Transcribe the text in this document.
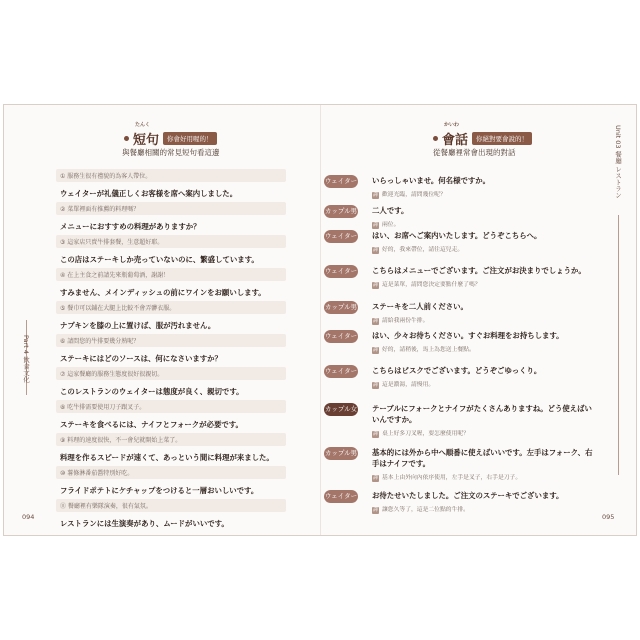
たんく
短句	你會好用喔的！
與餐廳相關的常見短句看這邊
Part 4 飲食文化
094
① 服務生很有禮貌的為客人帶位。
ウェイターが礼儀正しくお客様を席へ案内しました。
② 菜單裡面有推薦的料理嗎？
メニューにおすすめの料理がありますか？
③ 這家店只賣牛排套餐，生意超好耶。
この店はステーキしか売っていないのに、繁盛しています。
④ 在上主食之前請先來瓶葡萄酒，謝謝！
すみません、メインディッシュの前にワインをお願いします。
⑤ 餐巾可以鋪在大腿上比較不會弄髒衣服。
ナプキンを膝の上に置けば、服が汚れません。
⑥ 請問您的牛排要幾分熟呢？
ステーキにはどのソースは、何になさいますか？
⑦ 這家餐廳的服務生態度很好很親切。
このレストランのウェイターは態度が良く、親切です。
⑧ 吃牛排需要使用刀子跟叉子。
ステーキを食べるには、ナイフとフォークが必要です。
⑨ 料理的速度很快，不一會兒就開始上菜了。
料理を作るスピードが速くて、あっという間に料理が来ました。
⑩ 薯條淋番茄醬特別好吃。
フライドポテトにケチャップをつけると一層おいしいです。
⑪ 餐廳裡有樂隊演奏，很有氣氛。
レストランには生演奏があり、ムードがいいです。
かいわ
會話	你絕對要會說的！
從餐廳裡常會出現的對話	Unit 03 餐廳 レストラン
095
ウェイター いらっしゃいませ。何名様ですか。
譯 歡迎光臨，請問幾位呢？
カップル男 二人です。
譯 兩位。
ウェイター はい、お席へご案内いたします。どうぞこちらへ。
譯 好的，我來帶位，請往這兒走。
ウェイター こちらはメニューでございます。ご注文がお決まりでしょうか。
譯 這是菜單，請問您決定要點什麼了嗎？
カップル男 ステーキを二人前ください。
譯 請給我兩份牛排。
ウェイター はい、少々お待ちください。すぐお料理をお持ちします。
譯 好的，請稍後，馬上為您送上餐點。
ウェイター こちらはビスクでございます。どうぞごゆっくり。
譯 這是濃湯，請慢用。
カップル女 テーブルにフォークとナイフがたくさんありますね。どう使えばいいんですか。
譯 桌上好多刀叉喔，要怎麼使用呢？
カップル男 基本的には外から中へ順番に使えばいいです。左手はフォーク、右手はナイフです。
譯 基本上由外向內依序使用，左手是叉子，右手是刀子。
ウェイター お待たせいたしました。ご注文のステーキでございます。
譯 讓您久等了，這是二位點的牛排。
